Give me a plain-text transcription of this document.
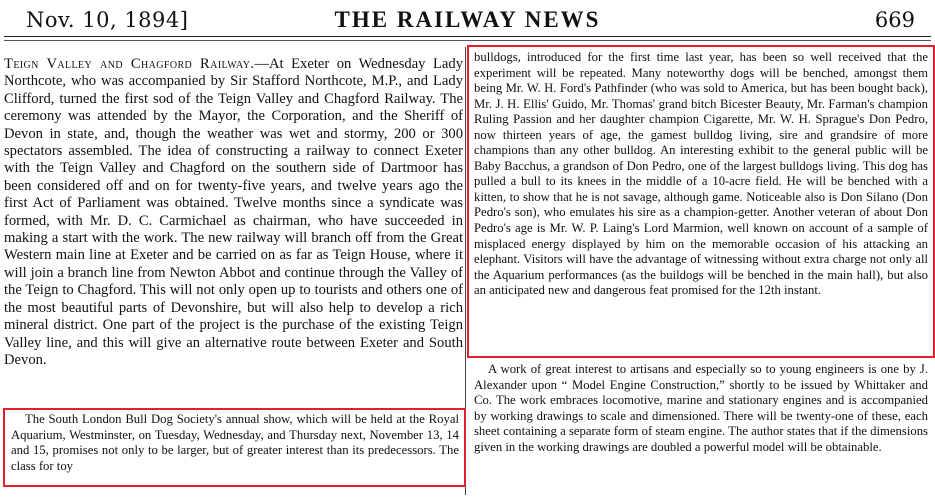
Nov. 10, 1894]	THE RAILWAY NEWS	669

Teign Valley and Chagford Railway.—At Exeter on Wednesday Lady Northcote, who was accompanied by Sir Stafford Northcote, M.P., and Lady Clifford, turned the first sod of the Teign Valley and Chagford Railway. The ceremony was attended by the Mayor, the Corporation, and the Sheriff of Devon in state, and, though the weather was wet and stormy, 200 or 300 spectators assembled. The idea of constructing a railway to connect Exeter with the Teign Valley and Chagford on the southern side of Dartmoor has been considered off and on for twenty-five years, and twelve years ago the first Act of Parliament was obtained. Twelve months since a syndicate was formed, with Mr. D. C. Carmichael as chairman, who have succeeded in making a start with the work. The new railway will branch off from the Great Western main line at Exeter and be carried on as far as Teign House, where it will join a branch line from Newton Abbot and continue through the Valley of the Teign to Chagford. This will not only open up to tourists and others one of the most beautiful parts of Devonshire, but will also help to develop a rich mineral district. One part of the project is the purchase of the existing Teign Valley line, and this will give an alternative route between Exeter and South Devon.

The South London Bull Dog Society's annual show, which will be held at the Royal Aquarium, Westminster, on Tuesday, Wednesday, and Thursday next, November 13, 14 and 15, promises not only to be larger, but of greater interest than its predecessors. The class for toy

bulldogs, introduced for the first time last year, has been so well received that the experiment will be repeated. Many noteworthy dogs will be benched, amongst them being Mr. W. H. Ford's Pathfinder (who was sold to America, but has been bought back), Mr. J. H. Ellis' Guido, Mr. Thomas' grand bitch Bicester Beauty, Mr. Farman's champion Ruling Passion and her daughter champion Cigarette, Mr. W. H. Sprague's Don Pedro, now thirteen years of age, the gamest bulldog living, sire and grandsire of more champions than any other bulldog. An interesting exhibit to the general public will be Baby Bacchus, a grandson of Don Pedro, one of the largest bulldogs living. This dog has pulled a bull to its knees in the middle of a 10-acre field. He will be benched with a kitten, to show that he is not savage, although game. Noticeable also is Don Silano (Don Pedro's son), who emulates his sire as a champion-getter. Another veteran of about Don Pedro's age is Mr. W. P. Laing's Lord Marmion, well known on account of a sample of misplaced energy displayed by him on the memorable occasion of his attacking an elephant. Visitors will have the advantage of witnessing without extra charge not only all the Aquarium performances (as the buildogs will be benched in the main hall), but also an anticipated new and dangerous feat promised for the 12th instant.

A work of great interest to artisans and especially so to young engineers is one by J. Alexander upon “ Model Engine Construction,” shortly to be issued by Whittaker and Co. The work embraces locomotive, marine and stationary engines and is accompanied by working drawings to scale and dimensioned. There will be twenty-one of these, each sheet containing a separate form of steam engine. The author states that if the dimensions given in the working drawings are doubled a powerful model will be obtainable.
